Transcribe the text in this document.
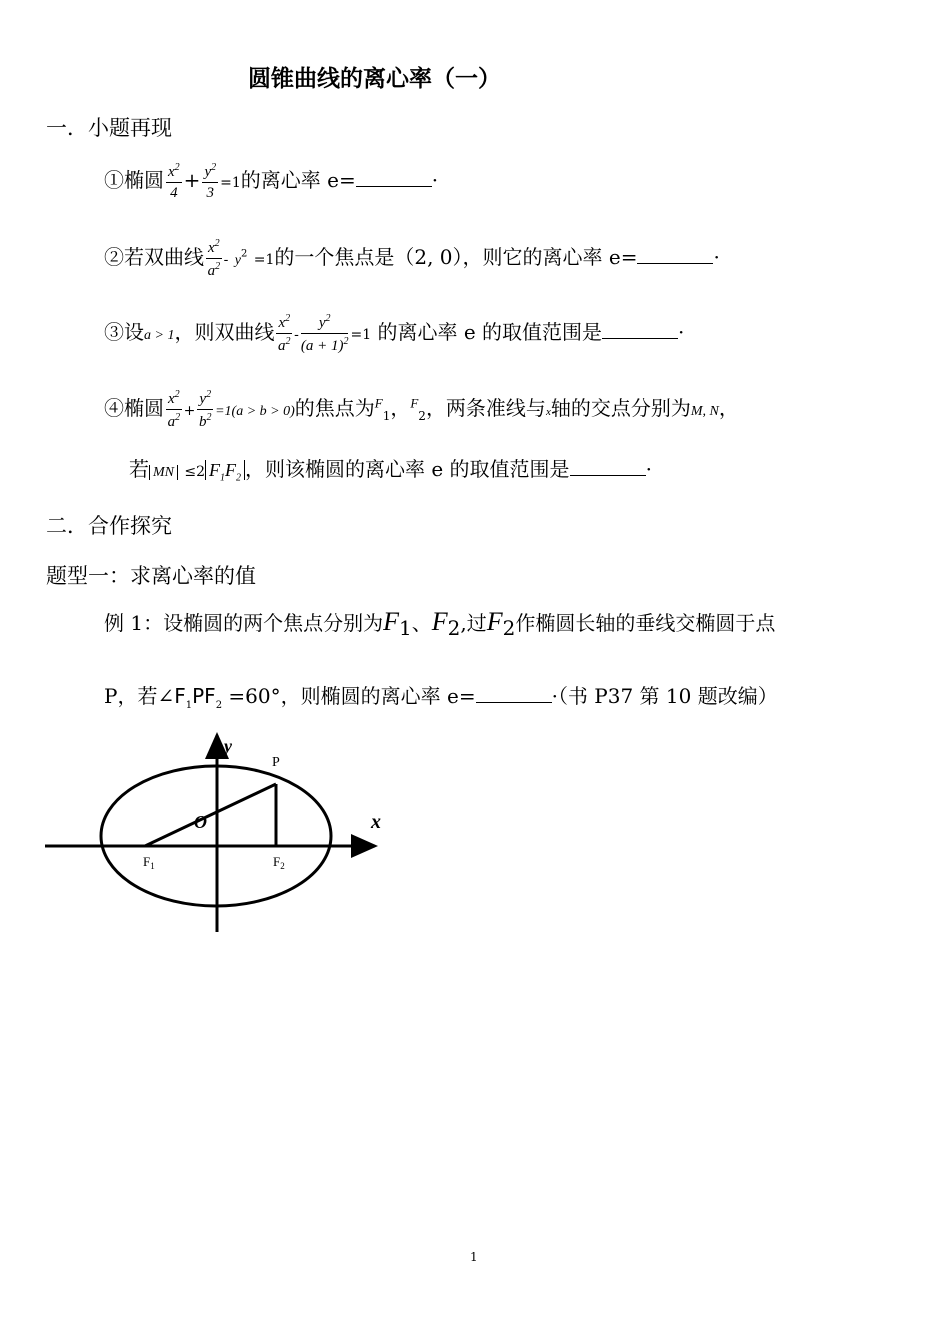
圆锥曲线的离心率（一）
一．小题再现
①椭圆 $\frac{x^2}{4} + \frac{y^2}{3} =1$的离心率 e=	·
②若双曲线 $\frac{x^2}{a^2} - y^2 =1$的一个焦点是（2, 0），则它的离心率 e=	·
③设a > 1，则双曲线 $\frac{x^2}{a^2} - \frac{y^2}{(a + 1)^2} =1$ 的离心率 e 的取值范围是	·
④椭圆 $\frac{x^2}{a^2} + \frac{y^2}{b^2} =1(a > b > 0)$的焦点为$^F_1$，$^F_2$，两条准线与x轴的交点分别为M, N，
若 MN ≤2 $F_1F_2$ ，则该椭圆的离心率 e 的取值范围是	·
二．合作探究
题型一：求离心率的值
例 1：设椭圆的两个焦点分别为$F_1$、$F_2$,过$F_2$作椭圆长轴的垂线交椭圆于点
P，若$\angle F_1PF_2 =60^\circ$，则椭圆的离心率 e=	·（书 P37 第 10 题改编）
y
x
O
P
$F_1$	$F_2$
1
